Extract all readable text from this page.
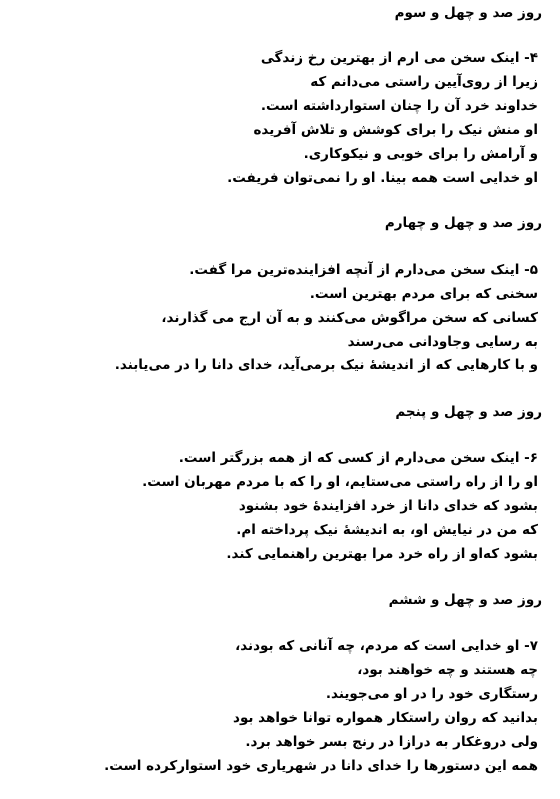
روز صد و چهل و سوم
۴- اینک سخن می ارم از بهترین رخ زندگی
زیرا از روی‌آیین راستی می‌دانم که
خداوند خرد آن را چنان استوارداشته است.
او منش نیک را برای کوشش و تلاش آفریده
و آرامش را برای خوبی و نیکوکاری.
او خدایی است همه بینا. او را نمی‌توان فریفت.
روز صد و چهل و چهارم
۵- اینک سخن می‌دارم از آنچه افزاینده‌ترین مرا گفت.
سخنی که برای مردم بهترین است.
کسانی که سخن مراگوش می‌کنند و به آن ارج می گذارند،
به رسایی وجاودانی می‌رسند
و با کارهایی که از اندیشهٔ نیک برمی‌آید، خدای دانا را در می‌یابند.
روز صد و چهل و پنجم
۶- اینک سخن می‌دارم از کسی که از همه بزرگتر است.
او را از راه راستی می‌ستایم، او را که با مردم مهربان است.
بشود که خدای دانا از خرد افزایندهٔ خود بشنود
که من در نیایش او، به اندیشهٔ نیک پرداخته ام.
بشود که‌او از راه خرد مرا بهترین راهنمایی کند.
روز صد و چهل و ششم
۷- او خدایی است که مردم، چه آنانی که بودند،
چه هستند و چه خواهند بود،
رستگاری خود را در او می‌جویند.
بدانید که روان راستکار همواره توانا خواهد بود
ولی دروغکار به درازا در رنج بسر خواهد برد.
همه این دستورها را خدای دانا در شهریاری خود استوارکرده است.
